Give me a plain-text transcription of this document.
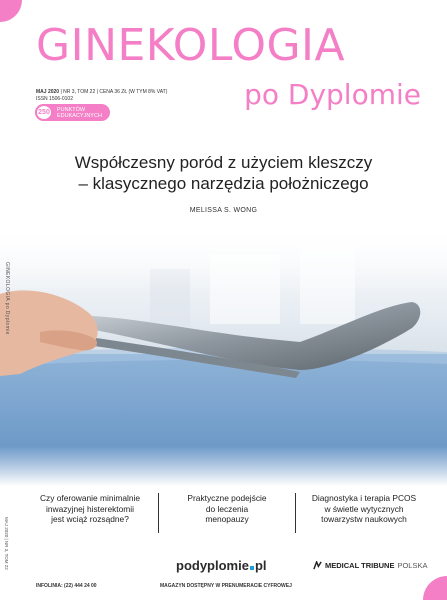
GINEKOLOGIA
po Dyplomie
MAJ 2020 | NR 3, TOM 22 | CENA 36 ZŁ (W TYM 8% VAT)
ISSN 1506-0102
250	PUNKTÓW
EDUKACYJNYCH
Współczesny poród z użyciem kleszczy
– klasycznego narzędzia położniczego
MELISSA S. WONG
GINEKOLOGIA po Dyplomie
MAJ 2020 | NR 3, TOM 22
Czy oferowanie minimalnie
inwazyjnej histerektomii
jest wciąż rozsądne?
Praktyczne podejście
do leczenia
menopauzy
Diagnostyka i terapia PCOS
w świetle wytycznych
towarzystw naukowych
podyplomie pl	MEDICAL TRIBUNE POLSKA
INFOLINIA: (22) 444 24 00	MAGAZYN DOSTĘPNY W PRENUMERACIE CYFROWEJ
